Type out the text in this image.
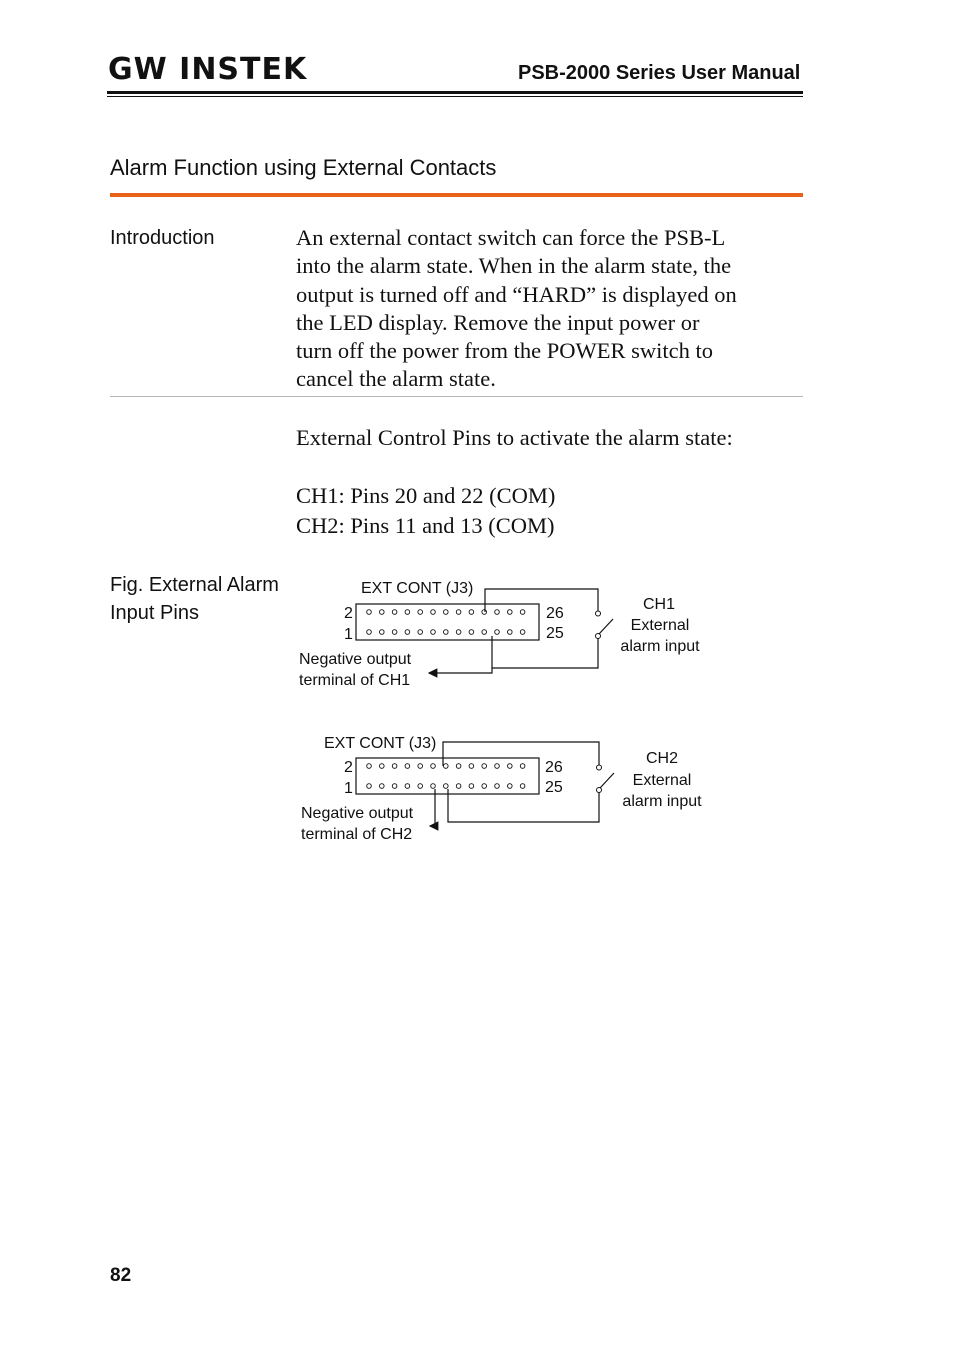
GW INSTEK	PSB-2000 Series User Manual
Alarm Function using External Contacts
Introduction	An external contact switch can force the PSB-L
into the alarm state. When in the alarm state, the
output is turned off and “HARD” is displayed on
the LED display. Remove the input power or
turn off the power from the POWER switch to
cancel the alarm state.
External Control Pins to activate the alarm state:
CH1: Pins 20 and 22 (COM)
CH2: Pins 11 and 13 (COM)
Fig. External Alarm
Input Pins
EXT CONT (J3)
2
1
26
25
Negative output
terminal of CH1
CH1
External
alarm input
EXT CONT (J3)
2
1
26
25
Negative output
terminal of CH2
CH2
External
alarm input
82
